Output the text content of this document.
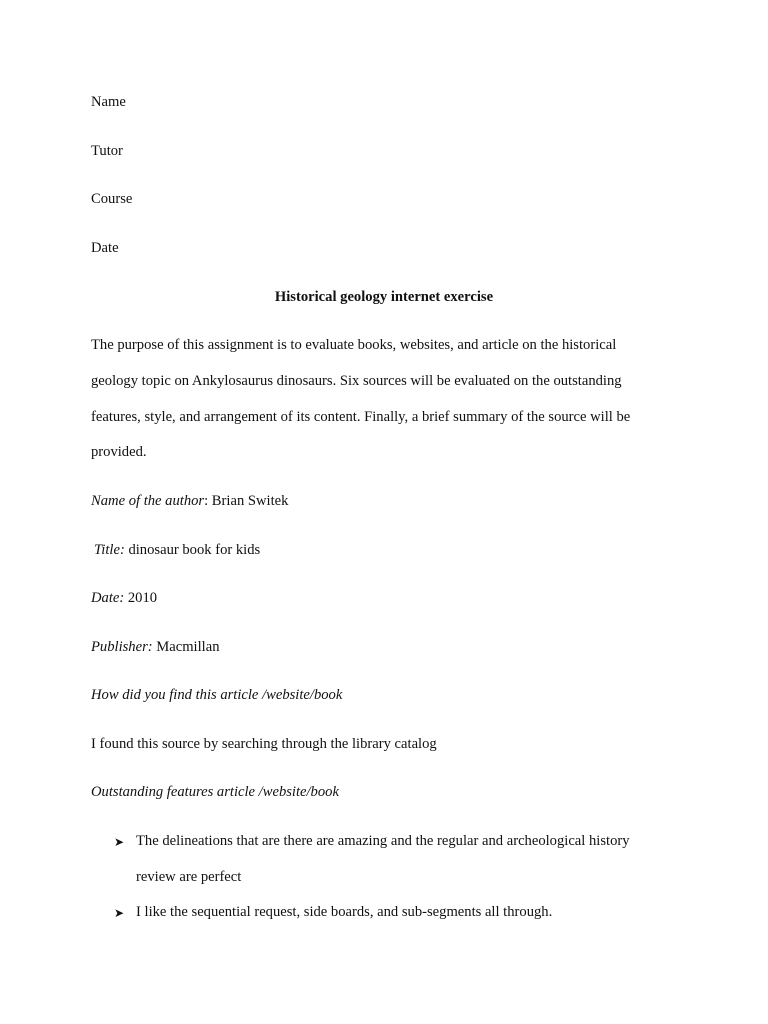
Name
Tutor
Course
Date
Historical geology internet exercise
The purpose of this assignment is to evaluate books, websites, and article on the historical
geology topic on Ankylosaurus dinosaurs. Six sources will be evaluated on the outstanding
features, style, and arrangement of its content. Finally, a brief summary of the source will be
provided.
Name of the author: Brian Switek
Title: dinosaur book for kids
Date: 2010
Publisher: Macmillan
How did you find this article /website/book
I found this source by searching through the library catalog
Outstanding features article /website/book
➤ The delineations that are there are amazing and the regular and archeological history
review are perfect
➤ I like the sequential request, side boards, and sub-segments all through.
